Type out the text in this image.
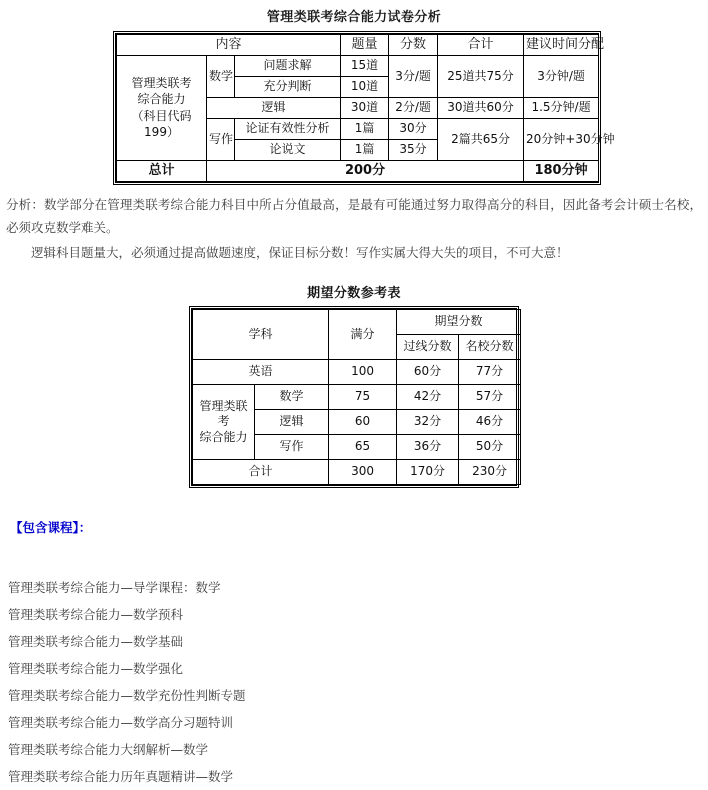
管理类联考综合能力试卷分析
内容			题量	分数	合计	建议时间分配
管理类联考
综合能力
（科目代码
199）	数学	问题求解	15道	3分/题	25道共75分	3分钟/题
		充分判断	10道			
	逻辑		30道	2分/题	30道共60分	1.5分钟/题
	写作	论证有效性分析	1篇	30分	2篇共65分	20分钟+30分钟
		论说文	1篇	35分		
总计	200分					180分钟
分析：数学部分在管理类联考综合能力科目中所占分值最高，是最有可能通过努力取得高分的科目，因此备考会计硕士名校，必须攻克数学难关。
逻辑科目题量大，必须通过提高做题速度，保证目标分数！写作实属大得大失的项目，不可大意！
期望分数参考表
学科		满分	期望分数	
			过线分数	名校分数
英语		100	60分	77分
管理类联
考
综合能力	数学	75	42分	57分
	逻辑	60	32分	46分
	写作	65	36分	50分
合计		300	170分	230分
【包含课程】：
管理类联考综合能力—导学课程：数学
管理类联考综合能力—数学预科
管理类联考综合能力—数学基础
管理类联考综合能力—数学强化
管理类联考综合能力—数学充份性判断专题
管理类联考综合能力—数学高分习题特训
管理类联考综合能力大纲解析—数学
管理类联考综合能力历年真题精讲—数学
